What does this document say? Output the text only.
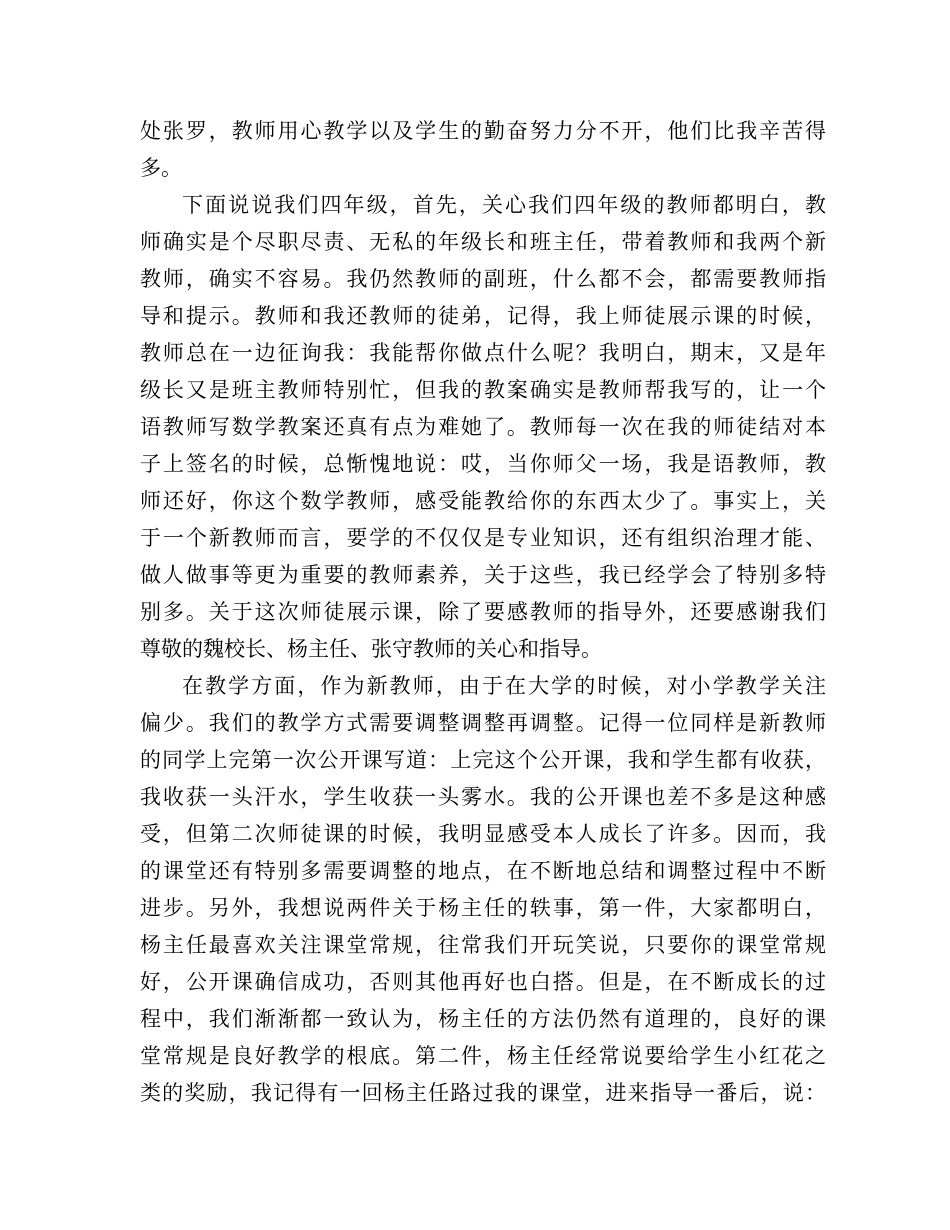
处张罗，教师用心教学以及学生的勤奋努力分不开，他们比我辛苦得
多。
下面说说我们四年级，首先，关心我们四年级的教师都明白，教
师确实是个尽职尽责、无私的年级长和班主任，带着教师和我两个新
教师，确实不容易。我仍然教师的副班，什么都不会，都需要教师指
导和提示。教师和我还教师的徒弟，记得，我上师徒展示课的时候，
教师总在一边征询我：我能帮你做点什么呢？我明白，期末，又是年
级长又是班主教师特别忙，但我的教案确实是教师帮我写的，让一个
语教师写数学教案还真有点为难她了。教师每一次在我的师徒结对本
子上签名的时候，总惭愧地说：哎，当你师父一场，我是语教师，教
师还好，你这个数学教师，感受能教给你的东西太少了。事实上，关
于一个新教师而言，要学的不仅仅是专业知识，还有组织治理才能、
做人做事等更为重要的教师素养，关于这些，我已经学会了特别多特
别多。关于这次师徒展示课，除了要感教师的指导外，还要感谢我们
尊敬的魏校长、杨主任、张守教师的关心和指导。
在教学方面，作为新教师，由于在大学的时候，对小学教学关注
偏少。我们的教学方式需要调整调整再调整。记得一位同样是新教师
的同学上完第一次公开课写道：上完这个公开课，我和学生都有收获，
我收获一头汗水，学生收获一头雾水。我的公开课也差不多是这种感
受，但第二次师徒课的时候，我明显感受本人成长了许多。因而，我
的课堂还有特别多需要调整的地点，在不断地总结和调整过程中不断
进步。另外，我想说两件关于杨主任的轶事，第一件，大家都明白，
杨主任最喜欢关注课堂常规，往常我们开玩笑说，只要你的课堂常规
好，公开课确信成功，否则其他再好也白搭。但是，在不断成长的过
程中，我们渐渐都一致认为，杨主任的方法仍然有道理的，良好的课
堂常规是良好教学的根底。第二件，杨主任经常说要给学生小红花之
类的奖励，我记得有一回杨主任路过我的课堂，进来指导一番后，说：
